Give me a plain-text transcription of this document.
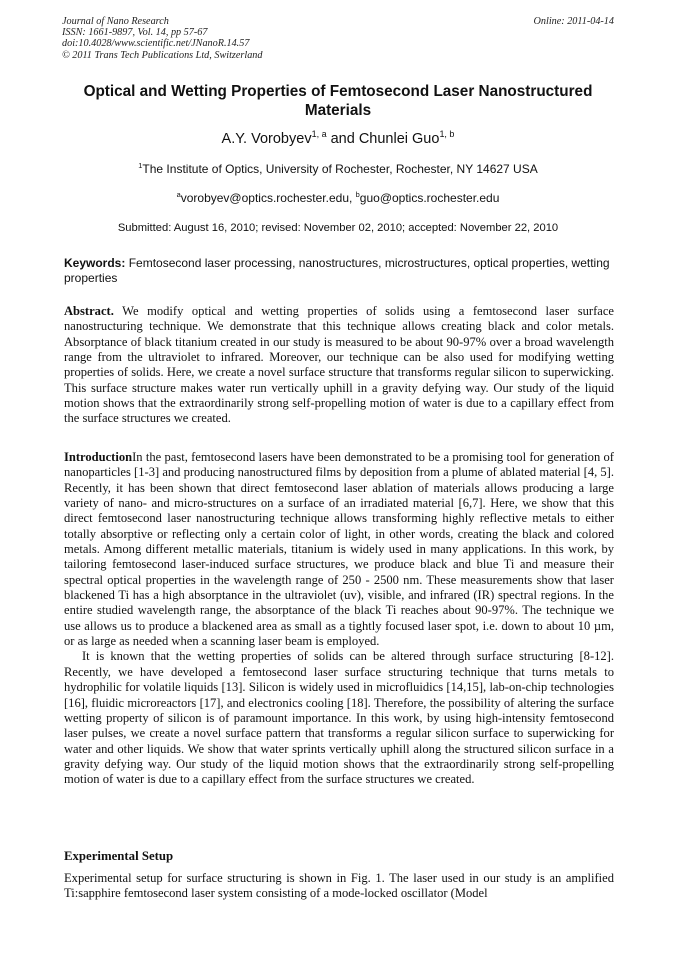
Journal of Nano Research
ISSN: 1661-9897, Vol. 14, pp 57-67
doi:10.4028/www.scientific.net/JNanoR.14.57
© 2011 Trans Tech Publications Ltd, Switzerland
Online: 2011-04-14
Optical and Wetting Properties of Femtosecond Laser Nanostructured Materials
A.Y. Vorobyev$^{1, a}$ and Chunlei Guo$^{1, b}$
$^1$The Institute of Optics, University of Rochester, Rochester, NY 14627 USA
$^a$vorobyev@optics.rochester.edu, $^b$guo@optics.rochester.edu
Submitted: August 16, 2010; revised: November 02, 2010; accepted: November 22, 2010
Keywords: Femtosecond laser processing, nanostructures, microstructures, optical properties, wetting properties
Abstract. We modify optical and wetting properties of solids using a femtosecond laser surface nanostructuring technique. We demonstrate that this technique allows creating black and color metals. Absorptance of black titanium created in our study is measured to be about 90-97% over a broad wavelength range from the ultraviolet to infrared. Moreover, our technique can be also used for modifying wetting properties of solids. Here, we create a novel surface structure that transforms regular silicon to superwicking. This surface structure makes water run vertically uphill in a gravity defying way. Our study of the liquid motion shows that the extraordinarily strong self-propelling motion of water is due to a capillary effect from the surface structures we created.

IntroductionIn the past, femtosecond lasers have been demonstrated to be a promising tool for generation of nanoparticles [1-3] and producing nanostructured films by deposition from a plume of ablated material [4, 5]. Recently, it has been shown that direct femtosecond laser ablation of materials allows producing a large variety of nano- and micro-structures on a surface of an irradiated material [6,7]. Here, we show that this direct femtosecond laser nanostructuring technique allows transforming highly reflective metals to either totally absorptive or reflecting only a certain color of light, in other words, creating the black and colored metals. Among different metallic materials, titanium is widely used in many applications. In this work, by tailoring femtosecond laser-induced surface structures, we produce black and blue Ti and measure their spectral optical properties in the wavelength range of 250 - 2500 nm. These measurements show that laser blackened Ti has a high absorptance in the ultraviolet (uv), visible, and infrared (IR) spectral regions. In the entire studied wavelength range, the absorptance of the black Ti reaches about 90-97%. The technique we use allows us to produce a blackened area as small as a tightly focused laser spot, i.e. down to about 10 µm, or as large as needed when a scanning laser beam is employed.

It is known that the wetting properties of solids can be altered through surface structuring [8-12]. Recently, we have developed a femtosecond laser surface structuring technique that turns metals to hydrophilic for volatile liquids [13]. Silicon is widely used in microfluidics [14,15], lab-on-chip technologies [16], fluidic microreactors [17], and electronics cooling [18]. Therefore, the possibility of altering the surface wetting property of silicon is of paramount importance. In this work, by using high-intensity femtosecond laser pulses, we create a novel surface pattern that transforms a regular silicon surface to superwicking for water and other liquids. We show that water sprints vertically uphill along the structured silicon surface in a gravity defying way. Our study of the liquid motion shows that the extraordinarily strong self-propelling motion of water is due to a capillary effect from the surface structures we created.

Experimental Setup
Experimental setup for surface structuring is shown in Fig. 1. The laser used in our study is an amplified Ti:sapphire femtosecond laser system consisting of a mode-locked oscillator (Model
